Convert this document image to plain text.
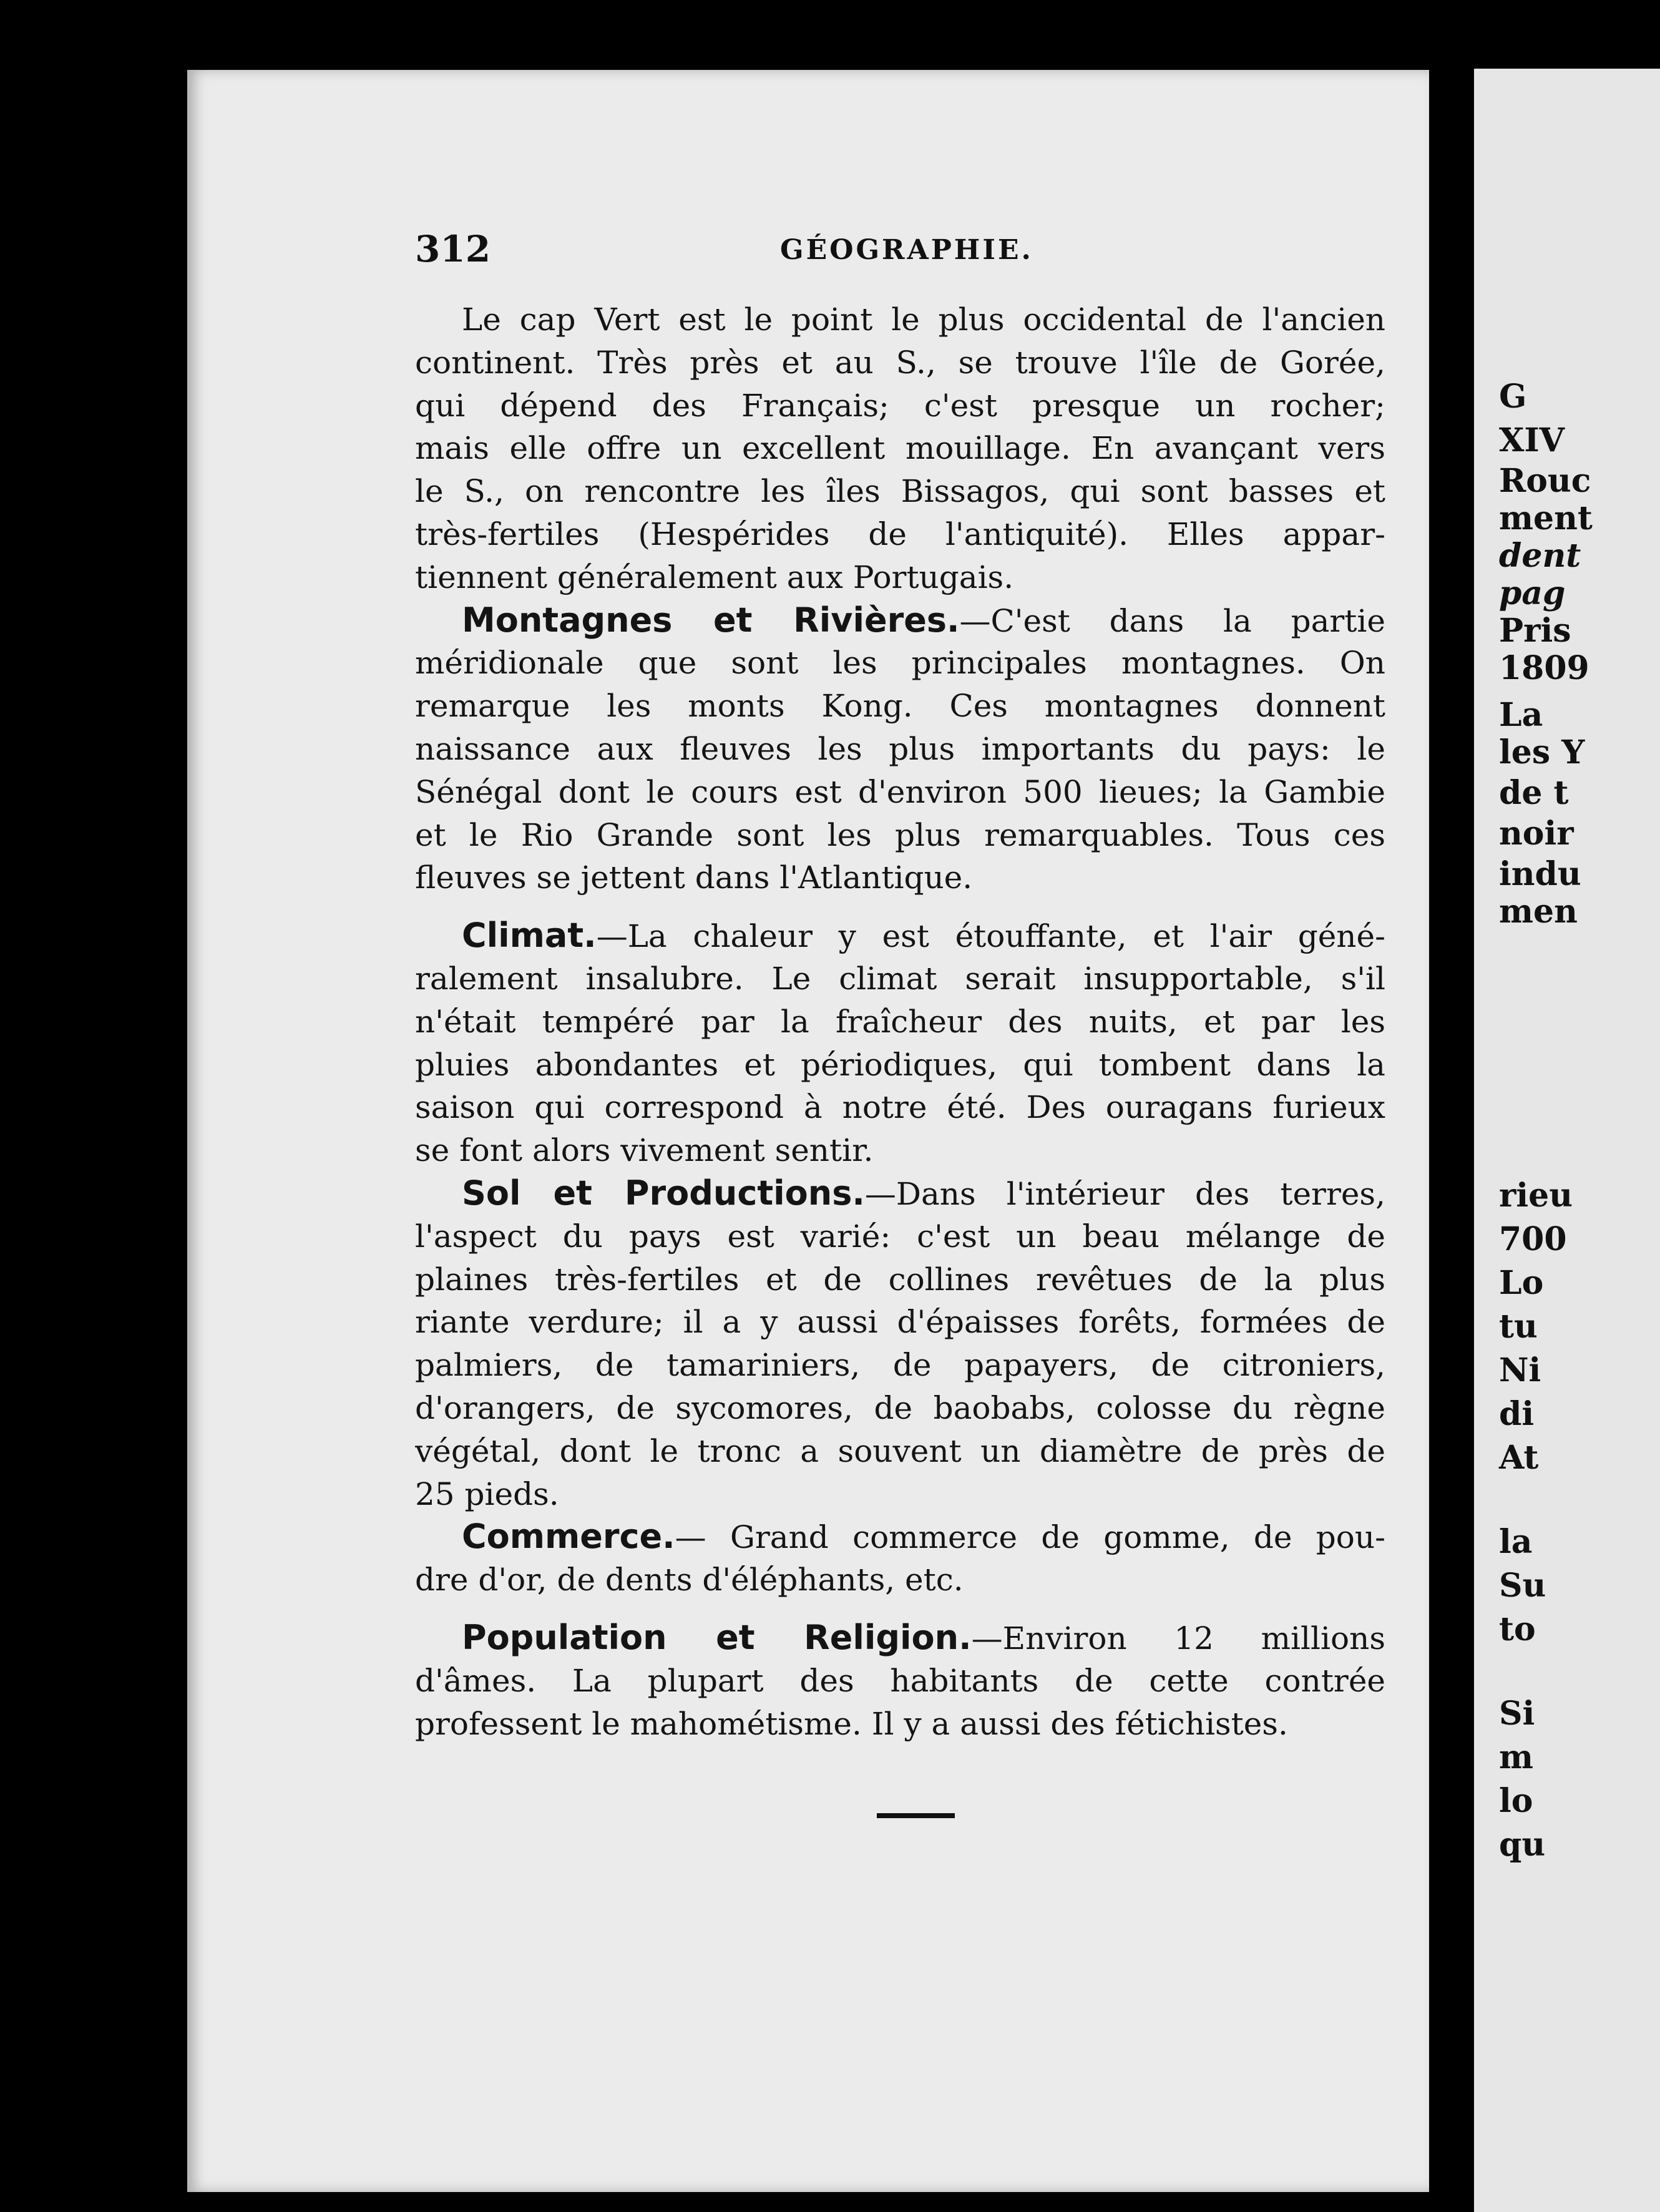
312	GÉOGRAPHIE.
Le cap Vert est le point le plus occidental de l'ancien
continent. Très près et au S., se trouve l'île de Gorée,
qui dépend des Français; c'est presque un rocher;
mais elle offre un excellent mouillage. En avançant vers
le S., on rencontre les îles Bissagos, qui sont basses et
très-fertiles (Hespérides de l'antiquité). Elles appar-
tiennent généralement aux Portugais.
Montagnes et Rivières.—C'est dans la partie
méridionale que sont les principales montagnes. On
remarque les monts Kong. Ces montagnes donnent
naissance aux fleuves les plus importants du pays: le
Sénégal dont le cours est d'environ 500 lieues; la Gambie
et le Rio Grande sont les plus remarquables. Tous ces
fleuves se jettent dans l'Atlantique.
Climat.—La chaleur y est étouffante, et l'air géné-
ralement insalubre. Le climat serait insupportable, s'il
n'était tempéré par la fraîcheur des nuits, et par les
pluies abondantes et périodiques, qui tombent dans la
saison qui correspond à notre été. Des ouragans furieux
se font alors vivement sentir.
Sol et Productions.—Dans l'intérieur des terres,
l'aspect du pays est varié: c'est un beau mélange de
plaines très-fertiles et de collines revêtues de la plus
riante verdure; il a y aussi d'épaisses forêts, formées de
palmiers, de tamariniers, de papayers, de citroniers,
d'orangers, de sycomores, de baobabs, colosse du règne
végétal, dont le tronc a souvent un diamètre de près de
25 pieds.
Commerce.— Grand commerce de gomme, de pou-
dre d'or, de dents d'éléphants, etc.
Population et Religion.—Environ 12 millions
d'âmes. La plupart des habitants de cette contrée
professent le mahométisme. Il y a aussi des fétichistes.
G
XIV
Rouc
ment
dent
pag
Pris
1809
La
les Y
de t
noir
indu
men
rieu
700
Lo
tu
Ni
di
At
la
Su
to
Si
m
lo
qu
